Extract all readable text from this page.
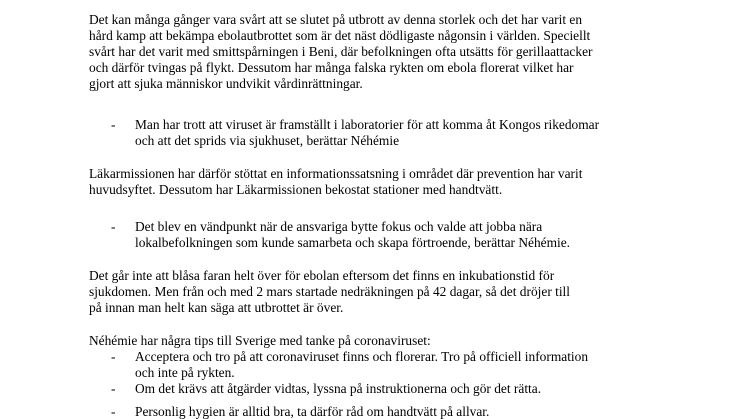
Det kan många gånger vara svårt att se slutet på utbrott av denna storlek och det har varit en
hård kamp att bekämpa ebolautbrottet som är det näst dödligaste någonsin i världen. Speciellt
svårt har det varit med smittspårningen i Beni, där befolkningen ofta utsätts för gerillaattacker
och därför tvingas på flykt. Dessutom har många falska rykten om ebola florerat vilket har
gjort att sjuka människor undvikit vårdinrättningar.
- Man har trott att viruset är framställt i laboratorier för att komma åt Kongos rikedomar
och att det sprids via sjukhuset, berättar Néhémie
Läkarmissionen har därför stöttat en informationssatsning i området där prevention har varit
huvudsyftet. Dessutom har Läkarmissionen bekostat stationer med handtvätt.
- Det blev en vändpunkt när de ansvariga bytte fokus och valde att jobba nära
lokalbefolkningen som kunde samarbeta och skapa förtroende, berättar Néhémie.
Det går inte att blåsa faran helt över för ebolan eftersom det finns en inkubationstid för
sjukdomen. Men från och med 2 mars startade nedräkningen på 42 dagar, så det dröjer till
på innan man helt kan säga att utbrottet är över.
Néhémie har några tips till Sverige med tanke på coronaviruset:
- Acceptera och tro på att coronaviruset finns och florerar. Tro på officiell information
och inte på rykten.
- Om det krävs att åtgärder vidtas, lyssna på instruktionerna och gör det rätta.
- Personlig hygien är alltid bra, ta därför råd om handtvätt på allvar.
